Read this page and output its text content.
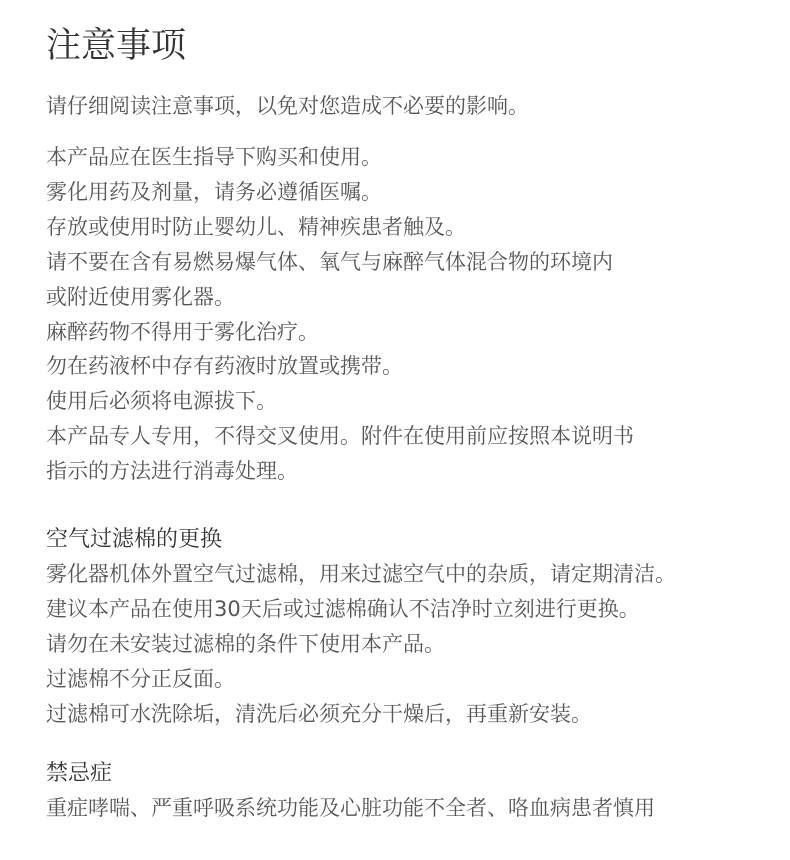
注意事项
请仔细阅读注意事项，以免对您造成不必要的影响。
本产品应在医生指导下购买和使用。
雾化用药及剂量，请务必遵循医嘱。
存放或使用时防止婴幼儿、精神疾患者触及。
请不要在含有易燃易爆气体、氧气与麻醉气体混合物的环境内
或附近使用雾化器。
麻醉药物不得用于雾化治疗。
勿在药液杯中存有药液时放置或携带。
使用后必须将电源拔下。
本产品专人专用，不得交叉使用。附件在使用前应按照本说明书
指示的方法进行消毒处理。
空气过滤棉的更换
雾化器机体外置空气过滤棉，用来过滤空气中的杂质，请定期清洁。
建议本产品在使用30天后或过滤棉确认不洁净时立刻进行更换。
请勿在未安装过滤棉的条件下使用本产品。
过滤棉不分正反面。
过滤棉可水洗除垢，清洗后必须充分干燥后，再重新安装。
禁忌症
重症哮喘、严重呼吸系统功能及心脏功能不全者、咯血病患者慎用
